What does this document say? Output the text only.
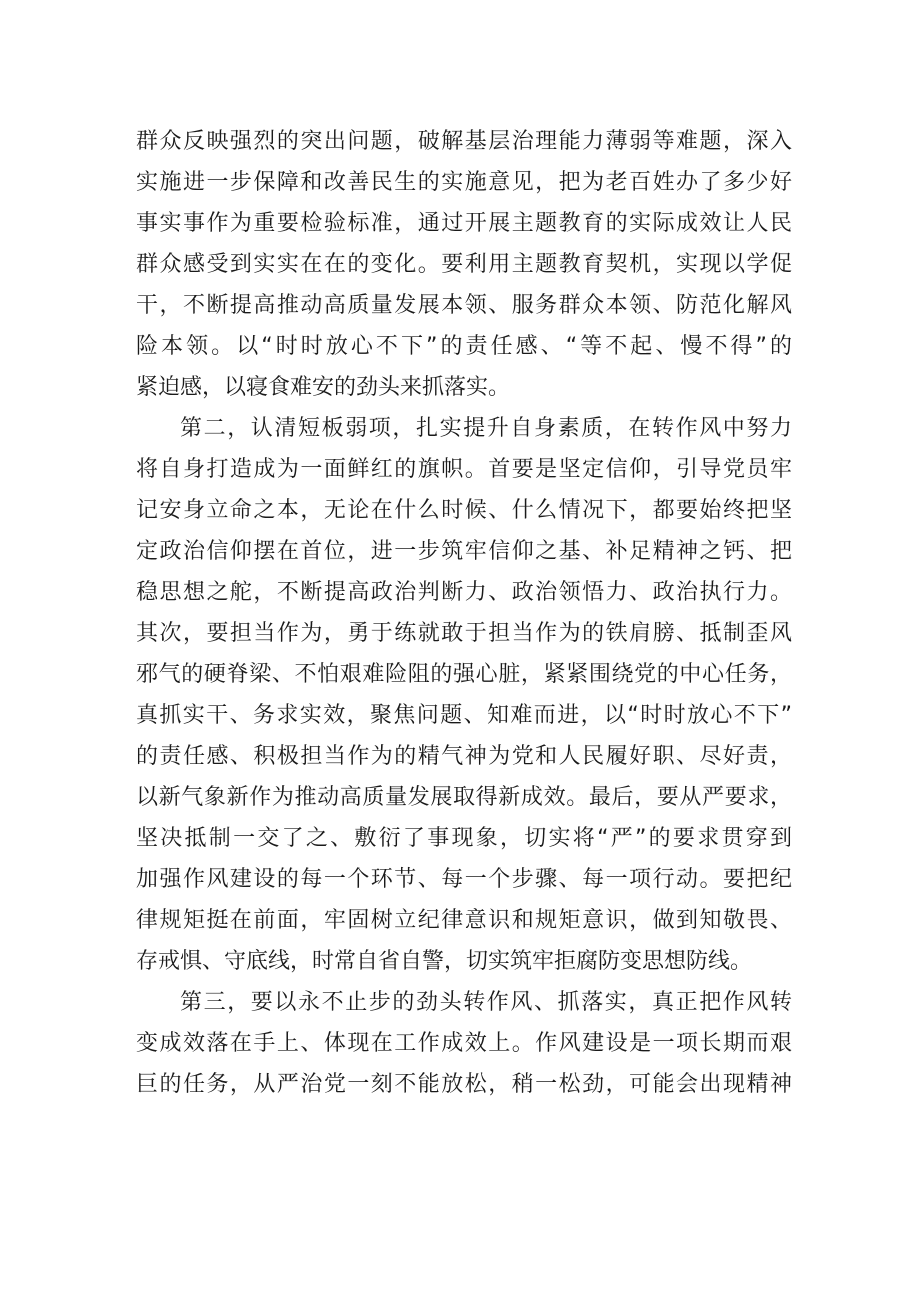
群众反映强烈的突出问题，破解基层治理能力薄弱等难题，深入
实施进一步保障和改善民生的实施意见，把为老百姓办了多少好
事实事作为重要检验标准，通过开展主题教育的实际成效让人民
群众感受到实实在在的变化。要利用主题教育契机，实现以学促
干，不断提高推动高质量发展本领、服务群众本领、防范化解风
险本领。以“时时放心不下”的责任感、“等不起、慢不得”的
紧迫感，以寝食难安的劲头来抓落实。
第二，认清短板弱项，扎实提升自身素质，在转作风中努力
将自身打造成为一面鲜红的旗帜。首要是坚定信仰，引导党员牢
记安身立命之本，无论在什么时候、什么情况下，都要始终把坚
定政治信仰摆在首位，进一步筑牢信仰之基、补足精神之钙、把
稳思想之舵，不断提高政治判断力、政治领悟力、政治执行力。
其次，要担当作为，勇于练就敢于担当作为的铁肩膀、抵制歪风
邪气的硬脊梁、不怕艰难险阻的强心脏，紧紧围绕党的中心任务，
真抓实干、务求实效，聚焦问题、知难而进，以“时时放心不下”
的责任感、积极担当作为的精气神为党和人民履好职、尽好责，
以新气象新作为推动高质量发展取得新成效。最后，要从严要求，
坚决抵制一交了之、敷衍了事现象，切实将“严”的要求贯穿到
加强作风建设的每一个环节、每一个步骤、每一项行动。要把纪
律规矩挺在前面，牢固树立纪律意识和规矩意识，做到知敬畏、
存戒惧、守底线，时常自省自警，切实筑牢拒腐防变思想防线。
第三，要以永不止步的劲头转作风、抓落实，真正把作风转
变成效落在手上、体现在工作成效上。作风建设是一项长期而艰
巨的任务，从严治党一刻不能放松，稍一松劲，可能会出现精神
